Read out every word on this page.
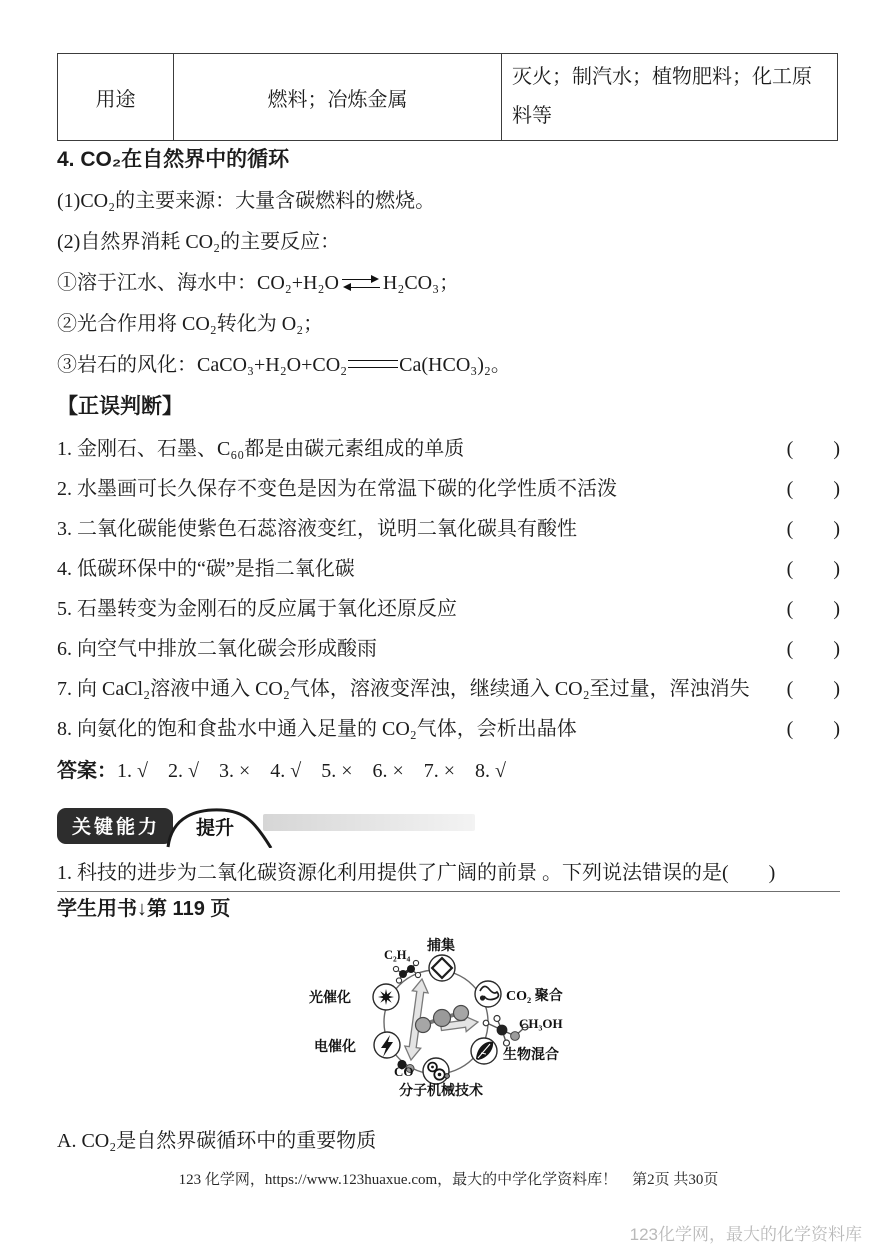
用途	燃料；冶炼金属	灭火；制汽水；植物肥料；化工原料等

4. CO₂在自然界中的循环

(1)CO₂的主要来源：大量含碳燃料的燃烧。

(2)自然界消耗 CO₂的主要反应：

①溶于江水、海水中：CO₂+H₂O ⇌ H₂CO₃；

②光合作用将 CO₂转化为 O₂；

③岩石的风化：CaCO₃+H₂O+CO₂	Ca(HCO₃)₂。

【正误判断】

1. 金刚石、石墨、C₆₀都是由碳元素组成的单质	(　　)
2. 水墨画可长久保存不变色是因为在常温下碳的化学性质不活泼	(　　)
3. 二氧化碳能使紫色石蕊溶液变红，说明二氧化碳具有酸性	(　　)
4. 低碳环保中的“碳”是指二氧化碳	(　　)
5. 石墨转变为金刚石的反应属于氧化还原反应	(　　)
6. 向空气中排放二氧化碳会形成酸雨	(　　)
7. 向 CaCl₂溶液中通入 CO₂气体，溶液变浑浊，继续通入 CO₂至过量，浑浊消失 (　　)
8. 向氨化的饱和食盐水中通入足量的 CO₂气体，会析出晶体	(　　)

答案：1. √　2. √　3. ×　4. √　5. ×　6. ×　7. ×　8. √

关键能力	提升

1. 科技的进步为二氧化碳资源化利用提供了广阔的前景 。下列说法错误的是(　　)

学生用书↓第 119 页

捕集
C₂H₄
光催化
电催化
CO
分子机械技术
生物混合
CH₃OH
CO₂ 聚合

A. CO₂是自然界碳循环中的重要物质

123 化学网，https://www.123huaxue.com，最大的中学化学资料库！　第2页 共30页

123化学网，最大的化学资料库
